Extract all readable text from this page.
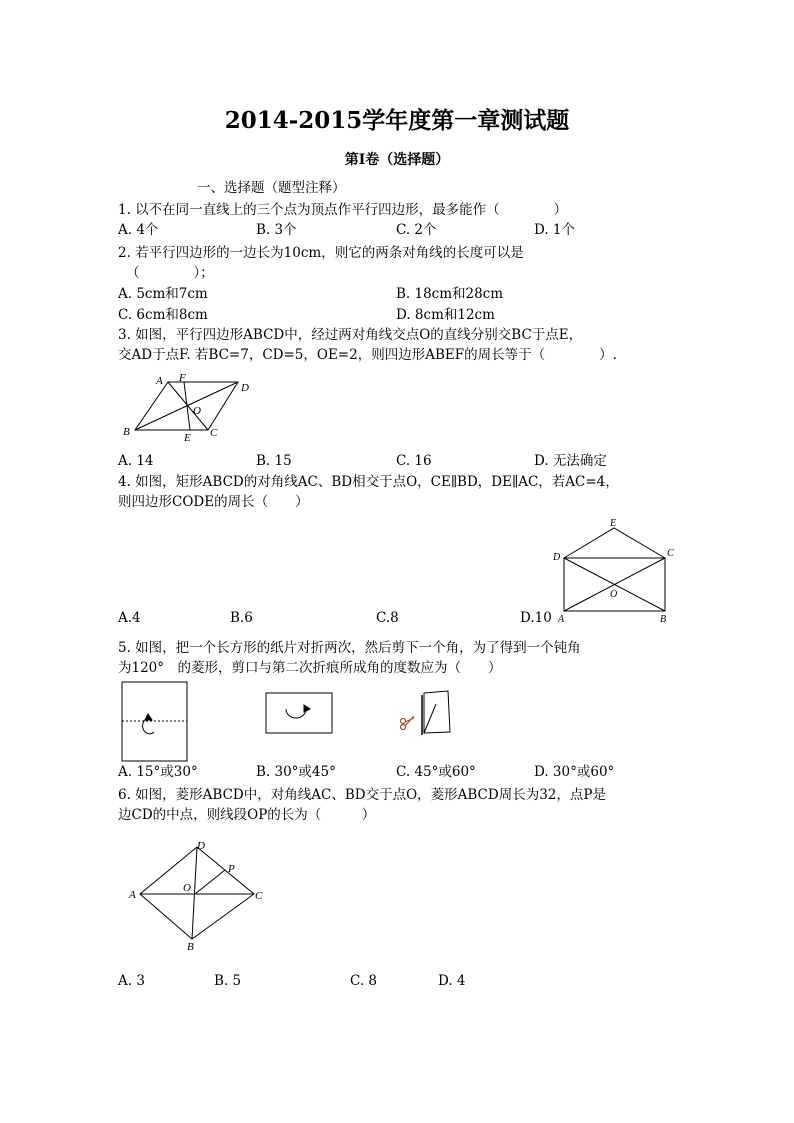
2014-2015学年度第一章测试题
第Ⅰ卷（选择题）
一、选择题（题型注释）
1. 以不在同一直线上的三个点为顶点作平行四边形，最多能作（　　　　）
A. 4个	B. 3个	C. 2个	D. 1个
2. 若平行四边形的一边长为10cm，则它的两条对角线的长度可以是
（　　　　）；
A. 5cm和7cm	B. 18cm和28cm
C. 6cm和8cm	D. 8cm和12cm
3. 如图，平行四边形ABCD中，经过两对角线交点O的直线分别交BC于点E，
交AD于点F. 若BC=7，CD=5，OE=2，则四边形ABEF的周长等于（　　　　）.
A F
D
O
B	E C
A. 14	B. 15	C. 16	D. 无法确定
4. 如图，矩形ABCD的对角线AC、BD相交于点O，CE∥BD，DE∥AC，若AC=4，
则四边形CODE的周长（　　）
E
D	C
O
A	B
A.4	B.6	C.8	D.10
5. 如图，把一个长方形的纸片对折两次，然后剪下一个角，为了得到一个钝角
为120°　的菱形，剪口与第二次折痕所成角的度数应为（　　）
A. 15°或30°	B. 30°或45°	C. 45°或60°	D. 30°或60°
6. 如图，菱形ABCD中，对角线AC、BD交于点O，菱形ABCD周长为32，点P是
边CD的中点，则线段OP的长为（　　　）
D
P
A
O
C
B
A. 3	B. 5	C. 8	D. 4
